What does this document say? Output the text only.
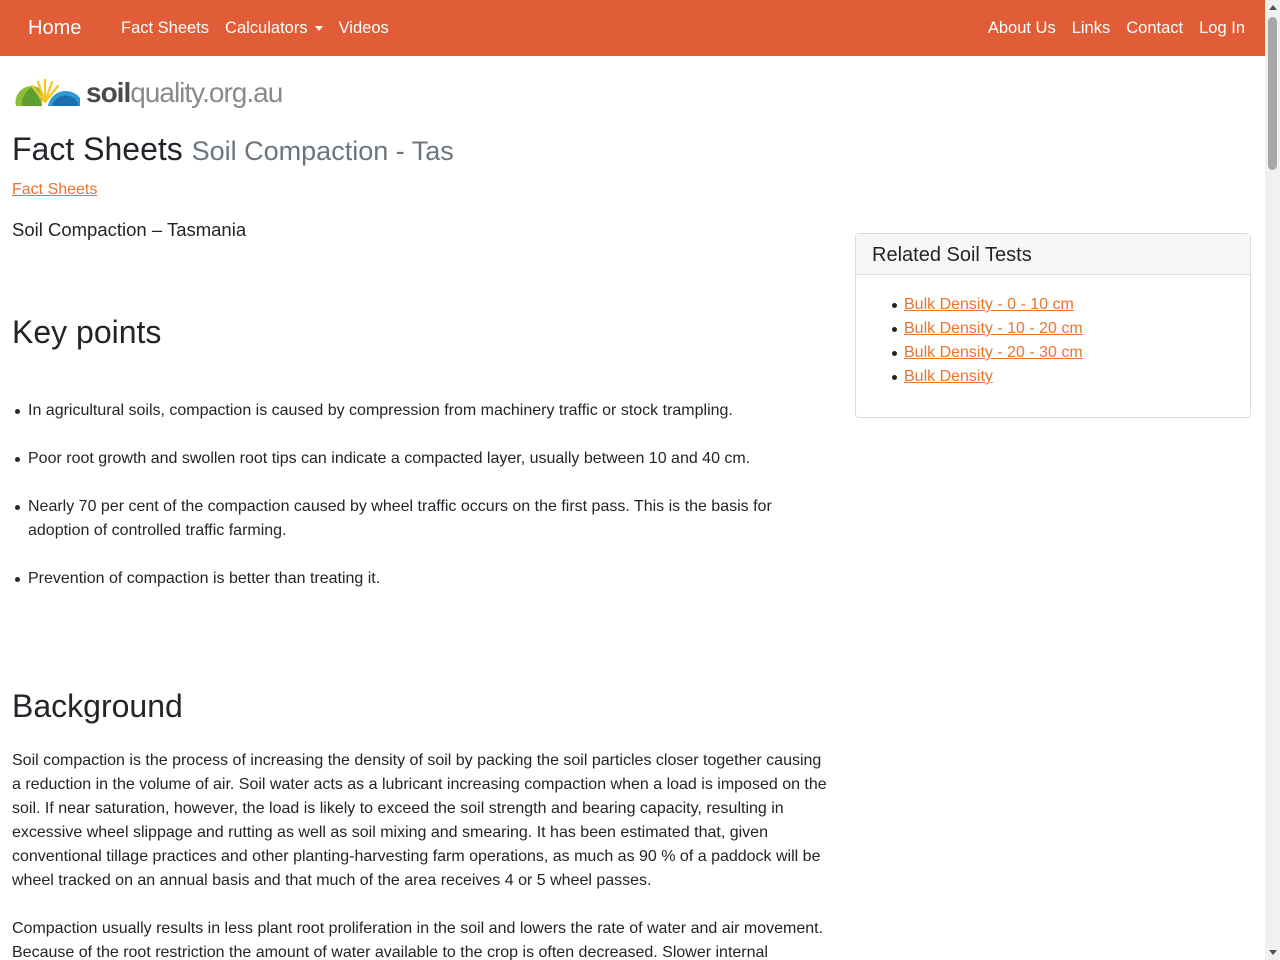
Home Fact Sheets Calculators Videos	About Us Links Contact Log In
soilquality.org.au
Fact Sheets Soil Compaction - Tas
Fact Sheets

Soil Compaction – Tasmania

Key points
In agricultural soils, compaction is caused by compression from machinery traffic or stock trampling.
Poor root growth and swollen root tips can indicate a compacted layer, usually between 10 and 40 cm.
Nearly 70 per cent of the compaction caused by wheel traffic occurs on the first pass. This is the basis for adoption of controlled traffic farming.
Prevention of compaction is better than treating it.
Background

Soil compaction is the process of increasing the density of soil by packing the soil particles closer together causing a reduction in the volume of air. Soil water acts as a lubricant increasing compaction when a load is imposed on the soil. If near saturation, however, the load is likely to exceed the soil strength and bearing capacity, resulting in excessive wheel slippage and rutting as well as soil mixing and smearing. It has been estimated that, given conventional tillage practices and other planting-harvesting farm operations, as much as 90 % of a paddock will be wheel tracked on an annual basis and that much of the area receives 4 or 5 wheel passes.

Compaction usually results in less plant root proliferation in the soil and lowers the rate of water and air movement. Because of the root restriction the amount of water available to the crop is often decreased. Slower internal

Related Soil Tests
Bulk Density - 0 - 10 cm
Bulk Density - 10 - 20 cm
Bulk Density - 20 - 30 cm
Bulk Density
